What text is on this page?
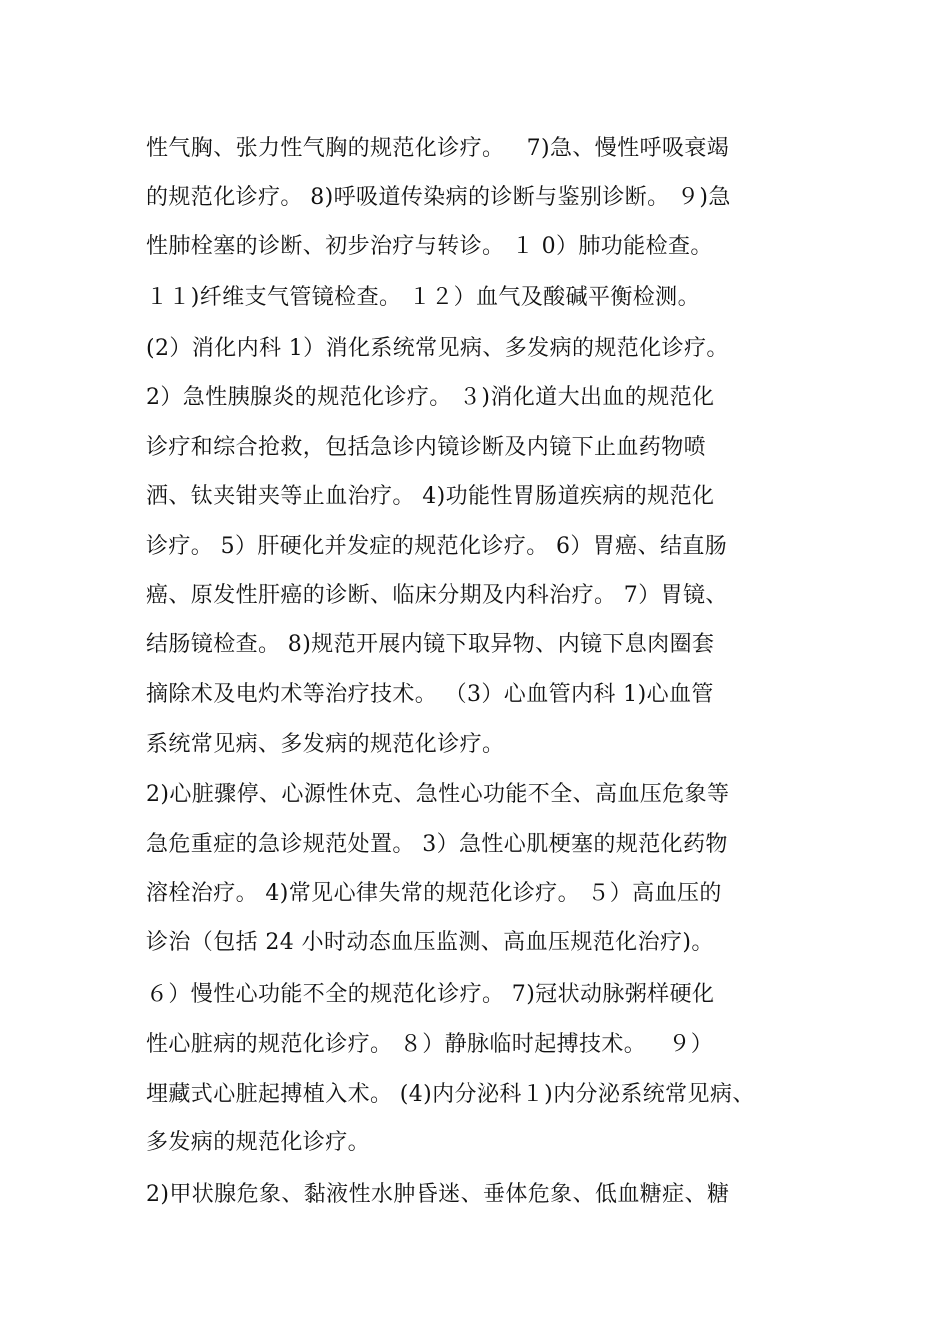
性气胸、张力性气胸的规范化诊疗。   7)急、慢性呼吸衰竭
的规范化诊疗。 8)呼吸道传染病的诊断与鉴别诊断。 ９)急
性肺栓塞的诊断、初步治疗与转诊。 １ 0）肺功能检查。
１１)纤维支气管镜检查。 １２）血气及酸碱平衡检测。
(2）消化内科 1）消化系统常见病、多发病的规范化诊疗。
2）急性胰腺炎的规范化诊疗。 ３)消化道大出血的规范化
诊疗和综合抢救，包括急诊内镜诊断及内镜下止血药物喷
洒、钛夹钳夹等止血治疗。 4)功能性胃肠道疾病的规范化
诊疗。 5）肝硬化并发症的规范化诊疗。 6）胃癌、结直肠
癌、原发性肝癌的诊断、临床分期及内科治疗。 7）胃镜、
结肠镜检查。 8)规范开展内镜下取异物、内镜下息肉圈套
摘除术及电灼术等治疗技术。 （3）心血管内科 1)心血管
系统常见病、多发病的规范化诊疗。
2)心脏骤停、心源性休克、急性心功能不全、高血压危象等
急危重症的急诊规范处置。 3）急性心肌梗塞的规范化药物
溶栓治疗。 4)常见心律失常的规范化诊疗。 ５）高血压的
诊治（包括 24 小时动态血压监测、高血压规范化治疗)。
６）慢性心功能不全的规范化诊疗。 7)冠状动脉粥样硬化
性心脏病的规范化诊疗。 ８）静脉临时起搏技术。   ９）
埋藏式心脏起搏植入术。 (4)内分泌科１)内分泌系统常见病、
多发病的规范化诊疗。
2)甲状腺危象、黏液性水肿昏迷、垂体危象、低血糖症、糖
